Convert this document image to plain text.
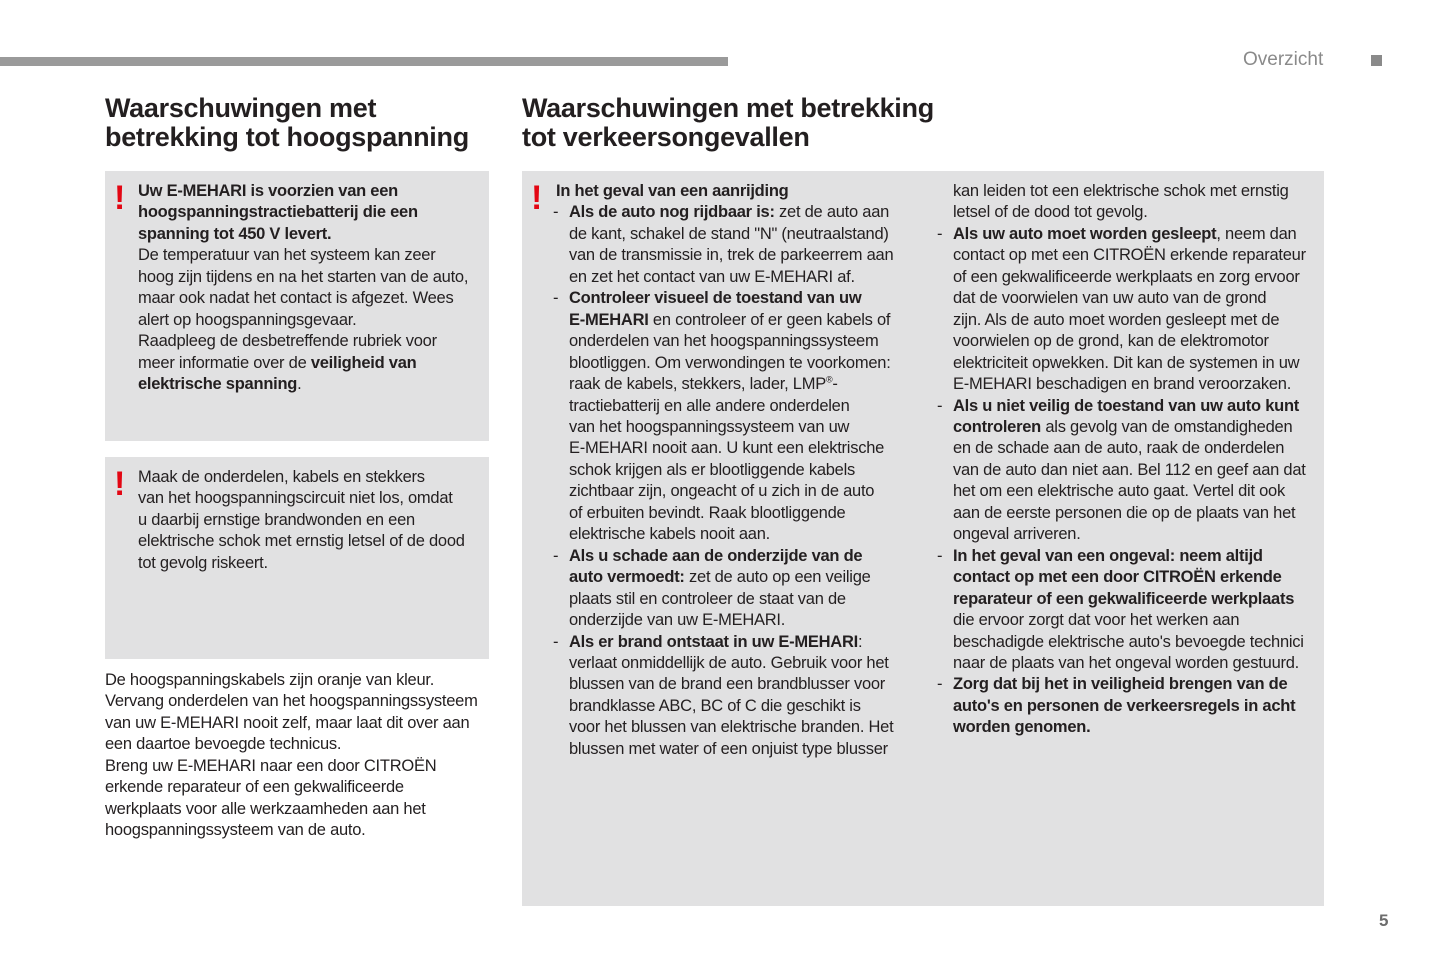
Overzicht
5
Waarschuwingen met
betrekking tot hoogspanning
Waarschuwingen met betrekking
tot verkeersongevallen
! Uw E-MEHARI is voorzien van een
hoogspanningstractiebatterij die een
spanning tot 450 V levert.
De temperatuur van het systeem kan zeer
hoog zijn tijdens en na het starten van de auto,
maar ook nadat het contact is afgezet. Wees
alert op hoogspanningsgevaar.
Raadpleeg de desbetreffende rubriek voor
meer informatie over de veiligheid van
elektrische spanning.
! Maak de onderdelen, kabels en stekkers
van het hoogspanningscircuit niet los, omdat
u daarbij ernstige brandwonden en een
elektrische schok met ernstig letsel of de dood
tot gevolg riskeert.
De hoogspanningskabels zijn oranje van kleur.
Vervang onderdelen van het hoogspanningssysteem
van uw E-MEHARI nooit zelf, maar laat dit over aan
een daartoe bevoegde technicus.
Breng uw E-MEHARI naar een door CITROËN
erkende reparateur of een gekwalificeerde
werkplaats voor alle werkzaamheden aan het
hoogspanningssysteem van de auto.
! In het geval van een aanrijding
- Als de auto nog rijdbaar is: zet de auto aan
de kant, schakel de stand "N" (neutraalstand)
van de transmissie in, trek de parkeerrem aan
en zet het contact van uw E-MEHARI af.
- Controleer visueel de toestand van uw
E-MEHARI en controleer of er geen kabels of
onderdelen van het hoogspanningssysteem
blootliggen. Om verwondingen te voorkomen:
raak de kabels, stekkers, lader, LMP®-
tractiebatterij en alle andere onderdelen
van het hoogspanningssysteem van uw
E-MEHARI nooit aan. U kunt een elektrische
schok krijgen als er blootliggende kabels
zichtbaar zijn, ongeacht of u zich in de auto
of erbuiten bevindt. Raak blootliggende
elektrische kabels nooit aan.
- Als u schade aan de onderzijde van de
auto vermoedt: zet de auto op een veilige
plaats stil en controleer de staat van de
onderzijde van uw E-MEHARI.
- Als er brand ontstaat in uw E-MEHARI:
verlaat onmiddellijk de auto. Gebruik voor het
blussen van de brand een brandblusser voor
brandklasse ABC, BC of C die geschikt is
voor het blussen van elektrische branden. Het
blussen met water of een onjuist type blusser
kan leiden tot een elektrische schok met ernstig
letsel of de dood tot gevolg.
- Als uw auto moet worden gesleept, neem dan
contact op met een CITROËN erkende reparateur
of een gekwalificeerde werkplaats en zorg ervoor
dat de voorwielen van uw auto van de grond
zijn. Als de auto moet worden gesleept met de
voorwielen op de grond, kan de elektromotor
elektriciteit opwekken. Dit kan de systemen in uw
E-MEHARI beschadigen en brand veroorzaken.
- Als u niet veilig de toestand van uw auto kunt
controleren als gevolg van de omstandigheden
en de schade aan de auto, raak de onderdelen
van de auto dan niet aan. Bel 112 en geef aan dat
het om een elektrische auto gaat. Vertel dit ook
aan de eerste personen die op de plaats van het
ongeval arriveren.
- In het geval van een ongeval: neem altijd
contact op met een door CITROËN erkende
reparateur of een gekwalificeerde werkplaats
die ervoor zorgt dat voor het werken aan
beschadigde elektrische auto's bevoegde technici
naar de plaats van het ongeval worden gestuurd.
- Zorg dat bij het in veiligheid brengen van de
auto's en personen de verkeersregels in acht
worden genomen.
